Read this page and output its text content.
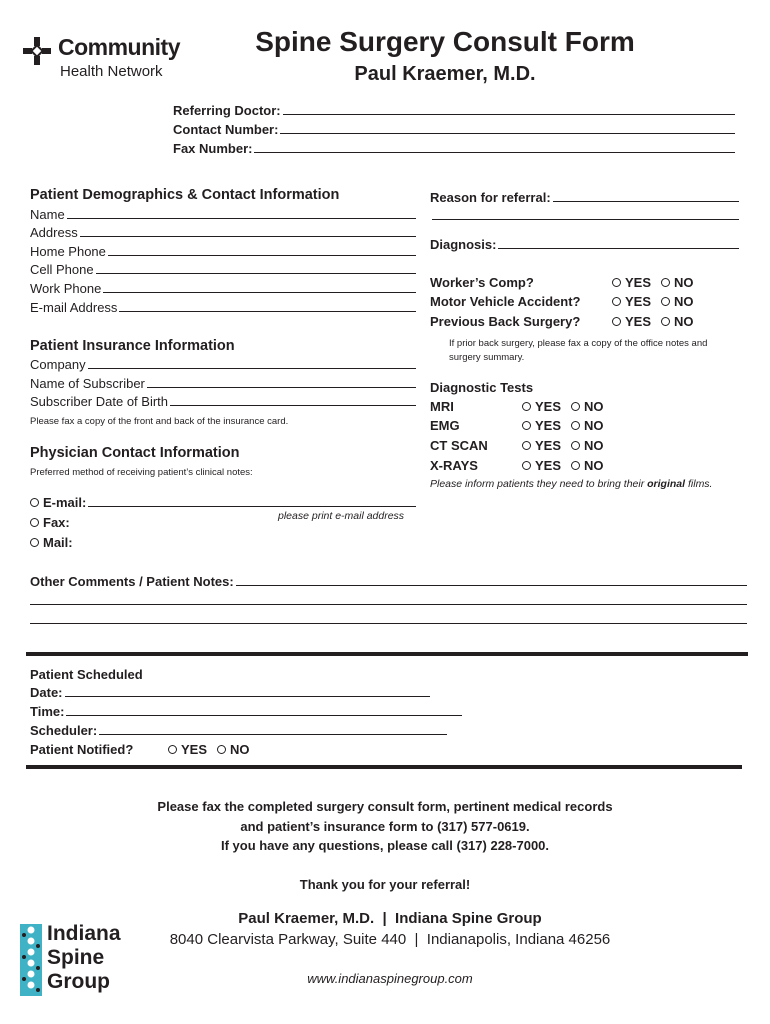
Community
Health Network
Spine Surgery Consult Form
Paul Kraemer, M.D.
Referring Doctor:
Contact Number:
Fax Number:
Patient Demographics & Contact Information
Name
Address
Home Phone
Cell Phone
Work Phone
E-mail Address
Patient Insurance Information
Company
Name of Subscriber
Subscriber Date of Birth
Please fax a copy of the front and back of the insurance card.
Physician Contact Information
Preferred method of receiving patient’s clinical notes:
E-mail:
please print e-mail address
Fax:
Mail:
Reason for referral:
Diagnosis:
Worker’s Comp?	YES NO
Motor Vehicle Accident?	YES NO
Previous Back Surgery?	YES NO
If prior back surgery, please fax a copy of the office notes and surgery summary.
Diagnostic Tests
MRI	YES NO
EMG	YES NO
CT SCAN	YES NO
X-RAYS	YES NO
Please inform patients they need to bring their original films.
Other Comments / Patient Notes:
Patient Scheduled
Date:
Time:
Scheduler:
Patient Notified?	YES NO
Please fax the completed surgery consult form, pertinent medical records
and patient’s insurance form to (317) 577-0619.
If you have any questions, please call (317) 228-7000.
Thank you for your referral!
Indiana
Spine
Group
Paul Kraemer, M.D.  |  Indiana Spine Group
8040 Clearvista Parkway, Suite 440  |  Indianapolis, Indiana 46256
www.indianaspinegroup.com
